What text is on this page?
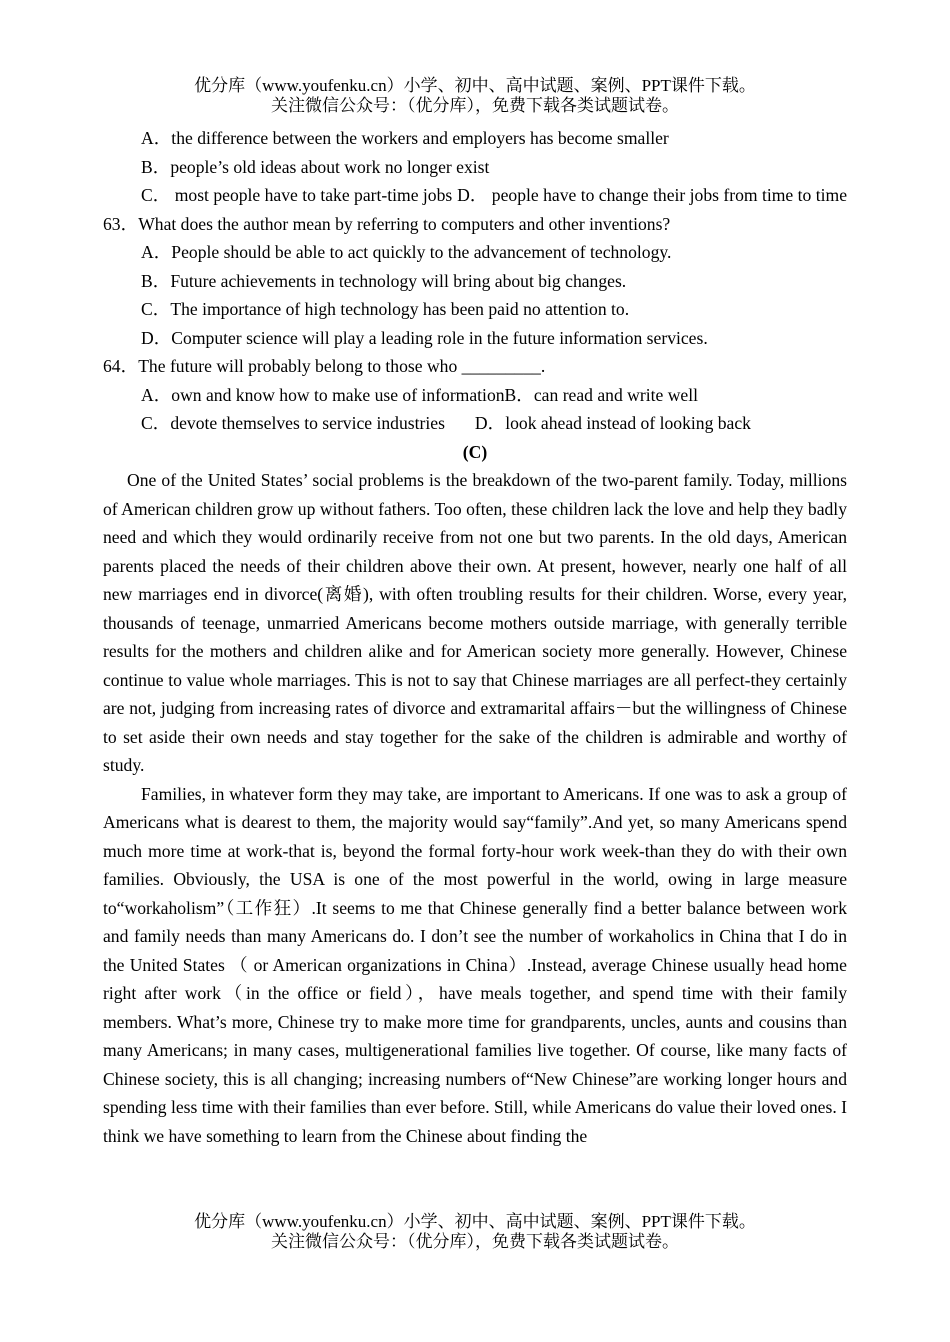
优分库（www.youfenku.cn）小学、初中、高中试题、案例、PPT课件下载。
关注微信公众号：（优分库），免费下载各类试题试卷。
A．the difference between the workers and employers has become smaller
B．people’s old ideas about work no longer exist
C． most people have to take part-time jobs D． people have to change their jobs from time to time
63．What does the author mean by referring to computers and other inventions?
A．People should be able to act quickly to the advancement of technology.
B．Future achievements in technology will bring about big changes.
C．The importance of high technology has been paid no attention to.
D．Computer science will play a leading role in the future information services.
64．The future will probably belong to those who _________.
A．own and know how to make use of informationB．can read and write well
C．devote themselves to service industries D．look ahead instead of looking back
(C)
One of the United States’ social problems is the breakdown of the two-parent family. Today, millions of American children grow up without fathers. Too often, these children lack the love and help they badly need and which they would ordinarily receive from not one but two parents. In the old days, American parents placed the needs of their children above their own. At present, however, nearly one half of all new marriages end in divorce(离婚), with often troubling results for their children. Worse, every year, thousands of teenage, unmarried Americans become mothers outside marriage, with generally terrible results for the mothers and children alike and for American society more generally. However, Chinese continue to value whole marriages. This is not to say that Chinese marriages are all perfect-they certainly are not, judging from increasing rates of divorce and extramarital affairs－but the willingness of Chinese to set aside their own needs and stay together for the sake of the children is admirable and worthy of study.
Families, in whatever form they may take, are important to Americans. If one was to ask a group of Americans what is dearest to them, the majority would say“family”.And yet, so many Americans spend much more time at work-that is, beyond the formal forty-hour work week-than they do with their own families. Obviously, the USA is one of the most powerful in the world, owing in large measure to“workaholism”（工作狂）.It seems to me that Chinese generally find a better balance between work and family needs than many Americans do. I don’t see the number of workaholics in China that I do in the United States （ or American organizations in China）.Instead, average Chinese usually head home right after work（in the office or field），have meals together, and spend time with their family members. What’s more, Chinese try to make more time for grandparents, uncles, aunts and cousins than many Americans; in many cases, multigenerational families live together. Of course, like many facts of Chinese society, this is all changing; increasing numbers of“New Chinese”are working longer hours and spending less time with their families than ever before. Still, while Americans do value their loved ones. I think we have something to learn from the Chinese about finding the
优分库（www.youfenku.cn）小学、初中、高中试题、案例、PPT课件下载。
关注微信公众号：（优分库），免费下载各类试题试卷。
